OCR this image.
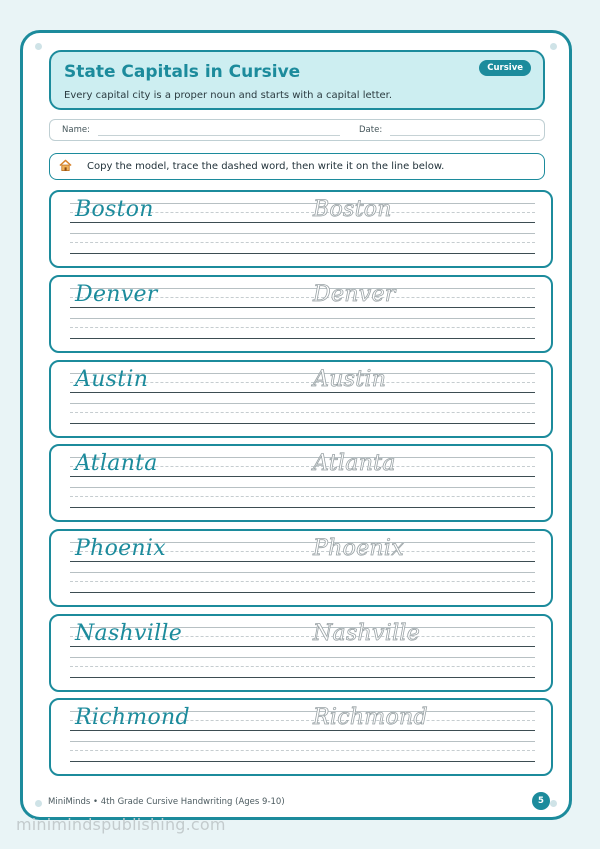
State Capitals in Cursive
Every capital city is a proper noun and starts with a capital letter.
Cursive
Name:	Date:
Copy the model, trace the dashed word, then write it on the line below.
Boston	Boston
Denver	Denver
Austin	Austin
Atlanta	Atlanta
Phoenix	Phoenix
Nashville	Nashville
Richmond	Richmond
MiniMinds • 4th Grade Cursive Handwriting (Ages 9-10)	5
minimindspublishing.com
